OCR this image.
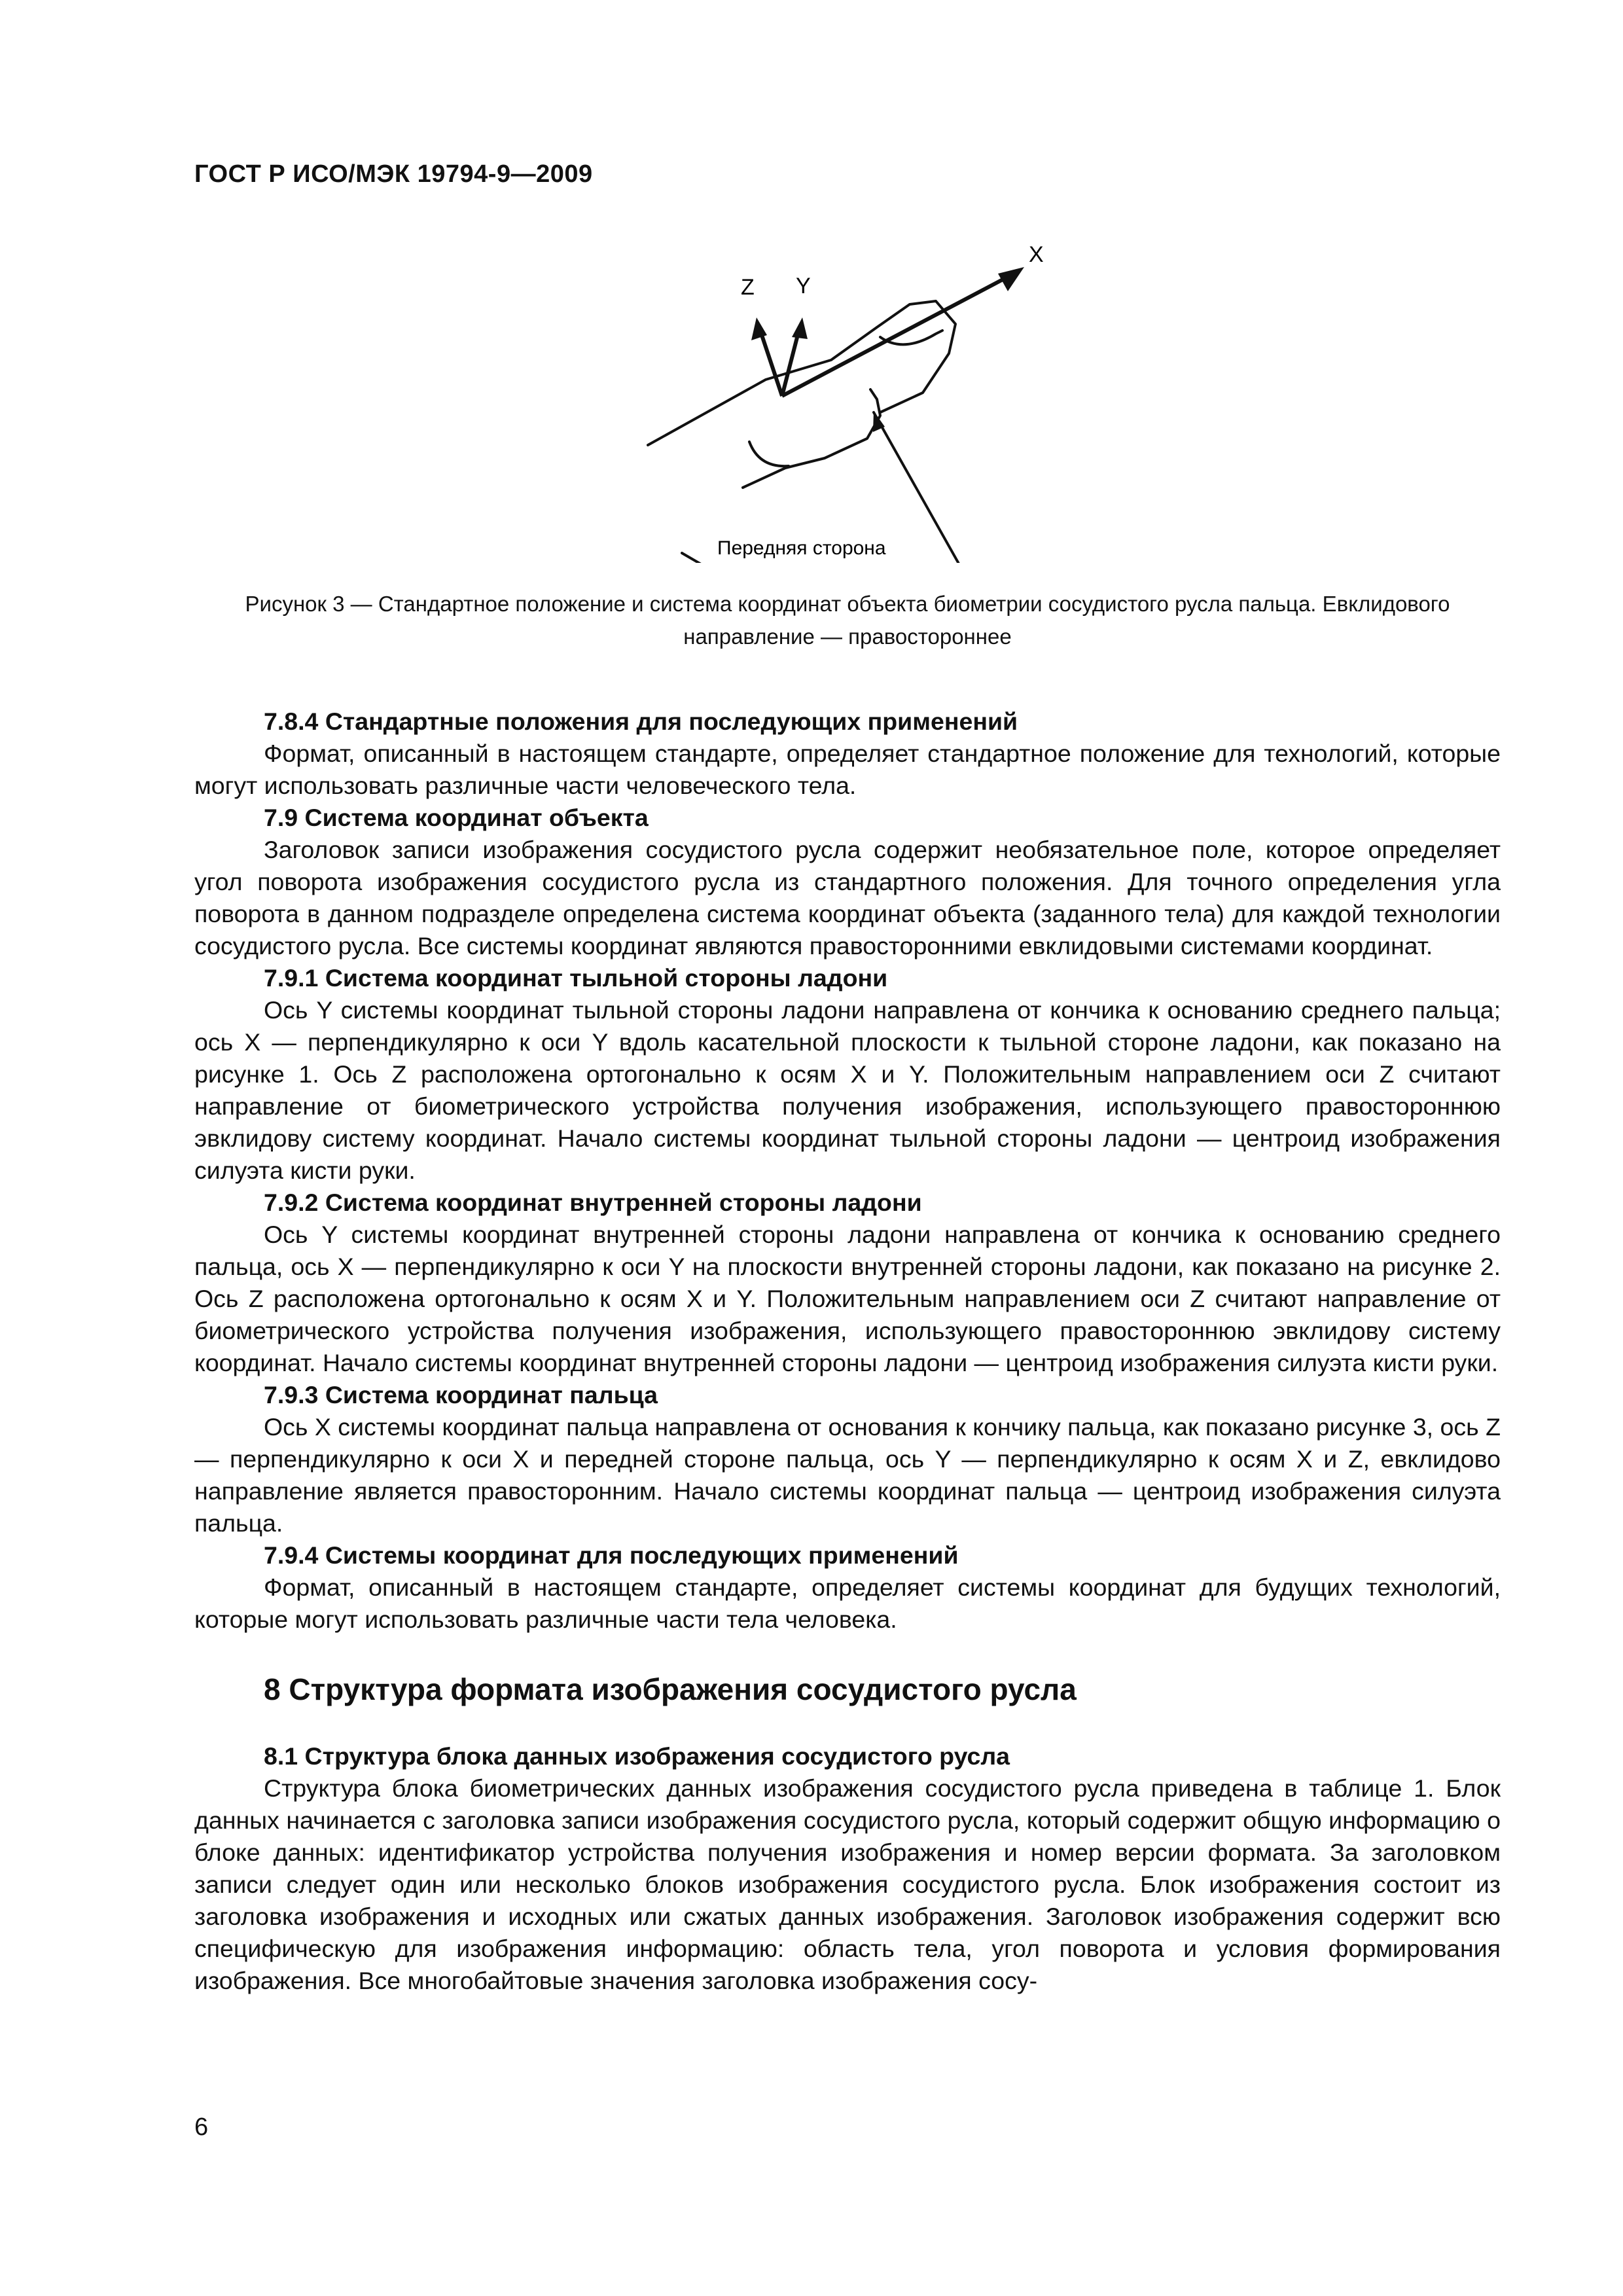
ГОСТ Р ИСО/МЭК 19794-9—2009
X
Z Y
Передняя сторона
Рисунок 3 — Стандартное положение и система координат объекта биометрии сосудистого русла пальца. Евклидового направление — правостороннее
7.8.4 Стандартные положения для последующих применений

Формат, описанный в настоящем стандарте, определяет стандартное положение для технологий, которые могут использовать различные части человеческого тела.

7.9 Система координат объекта

Заголовок записи изображения сосудистого русла содержит необязательное поле, которое определяет угол поворота изображения сосудистого русла из стандартного положения. Для точного определения угла поворота в данном подразделе определена система координат объекта (заданного тела) для каждой технологии сосудистого русла. Все системы координат являются правосторонними евклидовыми системами координат.

7.9.1 Система координат тыльной стороны ладони

Ось Y системы координат тыльной стороны ладони направлена от кончика к основанию среднего пальца; ось X — перпендикулярно к оси Y вдоль касательной плоскости к тыльной стороне ладони, как показано на рисунке 1. Ось Z расположена ортогонально к осям X и Y. Положительным направлением оси Z считают направление от биометрического устройства получения изображения, использующего правостороннюю эвклидову систему координат. Начало системы координат тыльной стороны ладони — центроид изображения силуэта кисти руки.

7.9.2 Система координат внутренней стороны ладони

Ось Y системы координат внутренней стороны ладони направлена от кончика к основанию среднего пальца, ось X — перпендикулярно к оси Y на плоскости внутренней стороны ладони, как показано на рисунке 2. Ось Z расположена ортогонально к осям X и Y. Положительным направлением оси Z считают направление от биометрического устройства получения изображения, использующего правостороннюю эвклидову систему координат. Начало системы координат внутренней стороны ладони — центроид изображения силуэта кисти руки.

7.9.3 Система координат пальца

Ось X системы координат пальца направлена от основания к кончику пальца, как показано рисунке 3, ось Z — перпендикулярно к оси X и передней стороне пальца, ось Y — перпендикулярно к осям X и Z, евклидово направление является правосторонним. Начало системы координат пальца — центроид изображения силуэта пальца.

7.9.4 Системы координат для последующих применений

Формат, описанный в настоящем стандарте, определяет системы координат для будущих технологий, которые могут использовать различные части тела человека.

8 Структура формата изображения сосудистого русла
8.1 Структура блока данных изображения сосудистого русла

Структура блока биометрических данных изображения сосудистого русла приведена в таблице 1. Блок данных начинается с заголовка записи изображения сосудистого русла, который содержит общую информацию о блоке данных: идентификатор устройства получения изображения и номер версии формата. За заголовком записи следует один или несколько блоков изображения сосудистого русла. Блок изображения состоит из заголовка изображения и исходных или сжатых данных изображения. Заголовок изображения содержит всю специфическую для изображения информацию: область тела, угол поворота и условия формирования изображения. Все многобайтовые значения заголовка изображения сосу-

6
